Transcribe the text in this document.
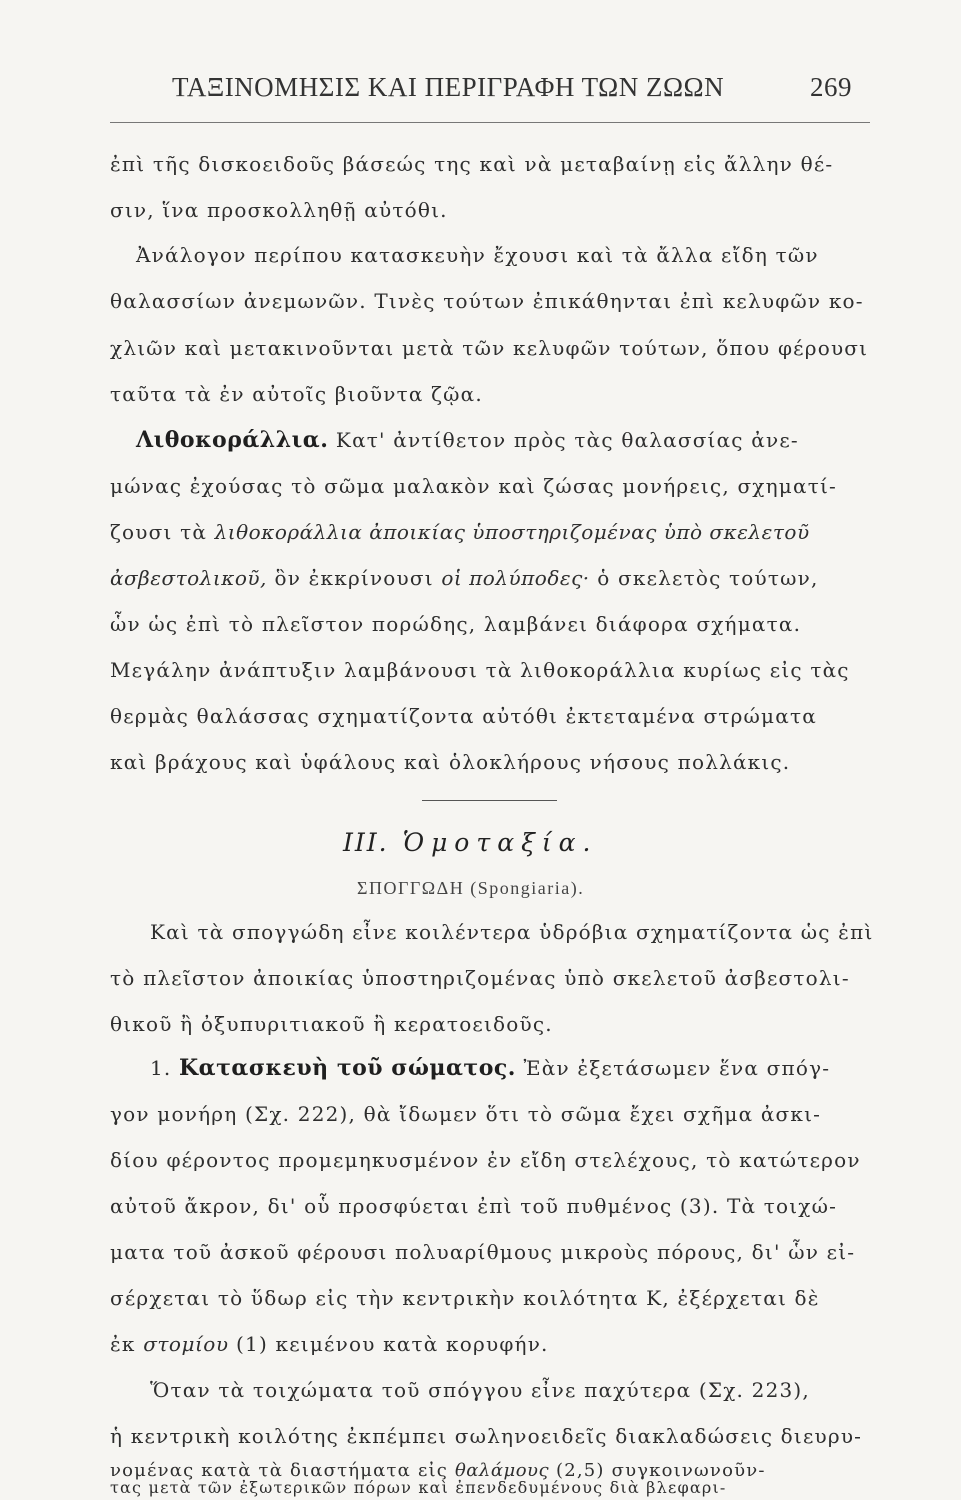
ΤΑΞΙΝΟΜΗΣΙΣ ΚΑΙ ΠΕΡΙΓΡΑΦΗ ΤΩΝ ΖΩΩΝ	269
ἐπὶ τῆς δισκοειδοῦς βάσεώς της καὶ νὰ μεταβαίνῃ εἰς ἄλλην θέ-
σιν, ἵνα προσκολληθῇ αὐτόθι.
Ἀνάλογον περίπου κατασκευὴν ἔχουσι καὶ τὰ ἄλλα εἴδη τῶν
θαλασσίων ἀνεμωνῶν. Τινὲς τούτων ἐπικάθηνται ἐπὶ κελυφῶν κο-
χλιῶν καὶ μετακινοῦνται μετὰ τῶν κελυφῶν τούτων, ὅπου φέρουσι
ταῦτα τὰ ἐν αὐτοῖς βιοῦντα ζῷα.
Λιθοκοράλλια. Κατ' ἀντίθετον πρὸς τὰς θαλασσίας ἀνε-
μώνας ἐχούσας τὸ σῶμα μαλακὸν καὶ ζώσας μονήρεις, σχηματί-
ζουσι τὰ λιθοκοράλλια ἀποικίας ὑποστηριζομένας ὑπὸ σκελετοῦ
ἀσβεστολικοῦ, ὃν ἐκκρίνουσι οἱ πολύποδες· ὁ σκελετὸς τούτων,
ὧν ὡς ἐπὶ τὸ πλεῖστον πορώδης, λαμβάνει διάφορα σχήματα.
Μεγάλην ἀνάπτυξιν λαμβάνουσι τὰ λιθοκοράλλια κυρίως εἰς τὰς
θερμὰς θαλάσσας σχηματίζοντα αὐτόθι ἐκτεταμένα στρώματα
καὶ βράχους καὶ ὑφάλους καὶ ὁλοκλήρους νήσους πολλάκις.
III. Ὁμοταξία.
ΣΠΟΓΓΩΔΗ (Spongiaria).
Καὶ τὰ σπογγώδη εἶνε κοιλέντερα ὑδρόβια σχηματίζοντα ὡς ἐπὶ
τὸ πλεῖστον ἀποικίας ὑποστηριζομένας ὑπὸ σκελετοῦ ἀσβεστολι-
θικοῦ ἢ ὀξυπυριτιακοῦ ἢ κερατοειδοῦς.
1. Κατασκευὴ τοῦ σώματος. Ἐὰν ἐξετάσωμεν ἕνα σπόγ-
γον μονήρη (Σχ. 222), θὰ ἴδωμεν ὅτι τὸ σῶμα ἔχει σχῆμα ἀσκι-
δίου φέροντος προμεμηκυσμένον ἐν εἴδη στελέχους, τὸ κατώτερον
αὐτοῦ ἄκρον, δι' οὗ προσφύεται ἐπὶ τοῦ πυθμένος (3). Τὰ τοιχώ-
ματα τοῦ ἀσκοῦ φέρουσι πολυαρίθμους μικροὺς πόρους, δι' ὧν εἰ-
σέρχεται τὸ ὕδωρ εἰς τὴν κεντρικὴν κοιλότητα Κ, ἐξέρχεται δὲ
ἐκ στομίου (1) κειμένου κατὰ κορυφήν.
Ὅταν τὰ τοιχώματα τοῦ σπόγγου εἶνε παχύτερα (Σχ. 223),
ἡ κεντρικὴ κοιλότης ἐκπέμπει σωληνοειδεῖς διακλαδώσεις διευρυ-
νομένας κατὰ τὰ διαστήματα εἰς θαλάμους (2,5) συγκοινωνοῦν-
τας μετὰ τῶν ἐξωτερικῶν πόρων καὶ ἐπενδεδυμένους διὰ βλεφαρι-
